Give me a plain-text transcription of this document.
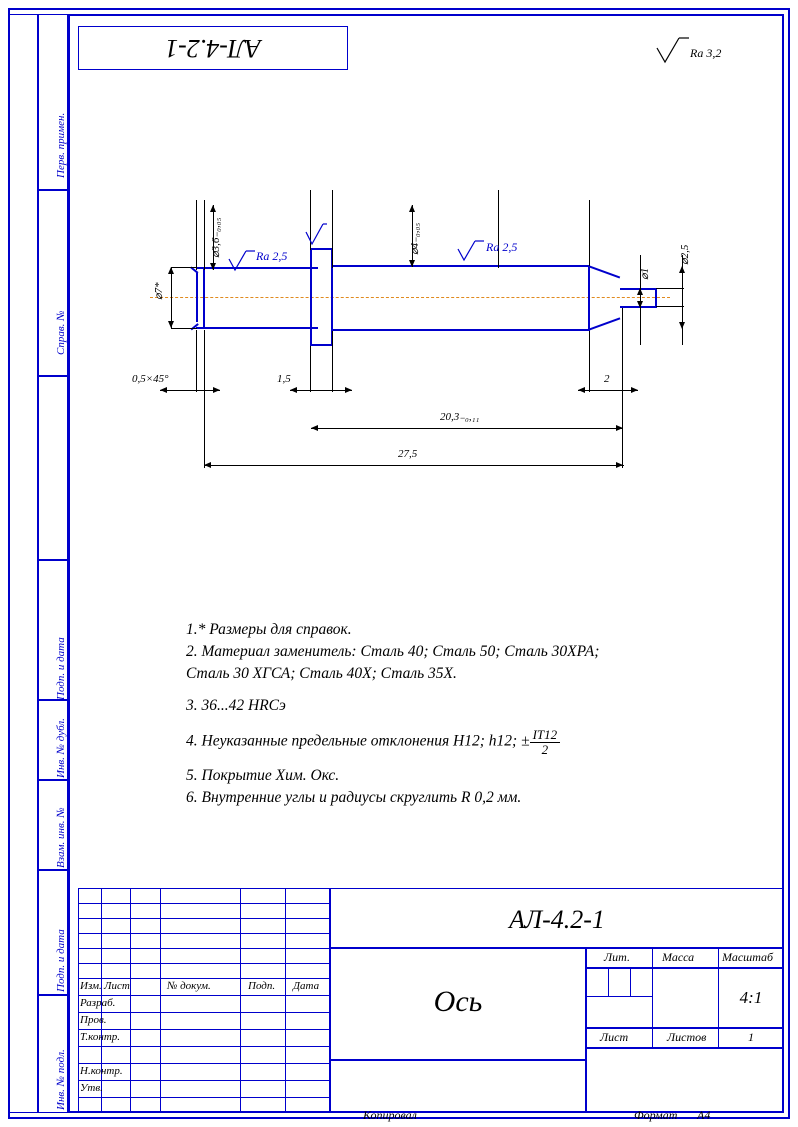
Перв. примен.
Справ. №
Подп. и дата
Инв. № дубл.
Взам. инв. №
Подп. и дата
Инв. № подл.
АЛ-4.2-1	Ra 3,2
⌀7*
⌀3,6₋₀,₀₅	⌀4₋₀,₀₅
⌀1
⌀2,5
Ra 2,5
Ra 2,5
0,5×45°	1,5	2
20,3₋₀,₁₁
27,5
1.* Размеры для справок.
2. Материал заменитель: Сталь 40; Сталь 50; Сталь 30ХРА;
Сталь 30 ХГСА; Сталь 40Х; Сталь 35Х.
3. 36...42 HRCэ
4. Неуказанные предельные отклонения H12; h12; ± $\frac{IT12}{2}$
5. Покрытие Хим. Окс.
6. Внутренние углы и радиусы скруглить R 0,2 мм.
Изм. Лист	№ докум.	Подп. Дата
Разраб.
Пров.
Т.контр.
Н.контр.
Утв.
АЛ-4.2-1
Ось
Лит.	Масса Масштаб
4:1
Лист	Листов	1
Копировал	Формат A4
